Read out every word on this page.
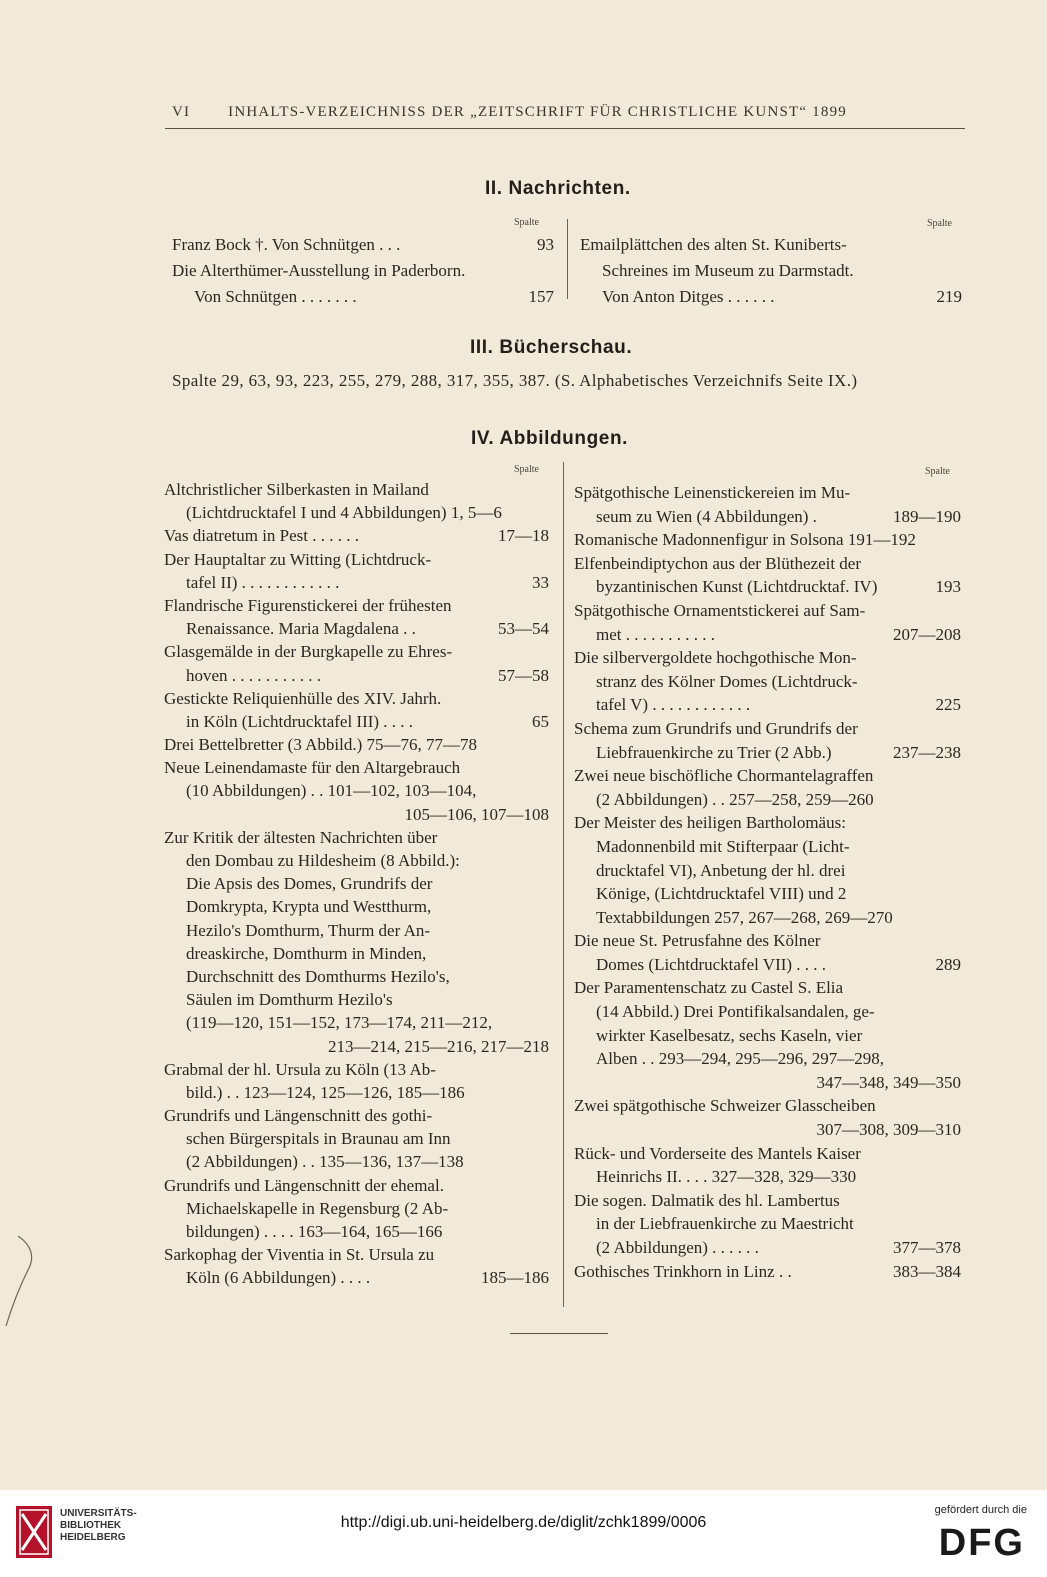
VI	INHALTS-VERZEICHNISS DER „ZEITSCHRIFT FÜR CHRISTLICHE KUNST“ 1899
II. Nachrichten.
Spalte	Spalte
Franz Bock †. Von Schnütgen . . .	93
Die Alterthümer-Ausstellung in Paderborn.
Von Schnütgen . . . . . . .	157
Emailplättchen des alten St. Kuniberts-
Schreines im Museum zu Darmstadt.
Von Anton Ditges . . . . . .	219
III. Bücherschau.
Spalte 29, 63, 93, 223, 255, 279, 288, 317, 355, 387. (S. Alphabetisches Verzeichnifs Seite IX.)
IV. Abbildungen.
Spalte	Spalte
Altchristlicher Silberkasten in Mailand
(Lichtdrucktafel I und 4 Abbildungen) 1, 5—6
Vas diatretum in Pest . . . . . .	17—18
Der Hauptaltar zu Witting (Lichtdruck-
tafel II) . . . . . . . . . . . .	33
Flandrische Figurenstickerei der frühesten
Renaissance. Maria Magdalena . .	53—54
Glasgemälde in der Burgkapelle zu Ehres-
hoven . . . . . . . . . . .	57—58
Gestickte Reliquienhülle des XIV. Jahrh.
in Köln (Lichtdrucktafel III) . . . .	65
Drei Bettelbretter (3 Abbild.) 75—76, 77—78
Neue Leinendamaste für den Altargebrauch
(10 Abbildungen) . . 101—102, 103—104,
105—106, 107—108
Zur Kritik der ältesten Nachrichten über
den Dombau zu Hildesheim (8 Abbild.):
Die Apsis des Domes, Grundrifs der
Domkrypta, Krypta und Westthurm,
Hezilo's Domthurm, Thurm der An-
dreaskirche, Domthurm in Minden,
Durchschnitt des Domthurms Hezilo's,
Säulen im Domthurm Hezilo's
(119—120, 151—152, 173—174, 211—212,
213—214, 215—216, 217—218
Grabmal der hl. Ursula zu Köln (13 Ab-
bild.) . . 123—124, 125—126, 185—186
Grundrifs und Längenschnitt des gothi-
schen Bürgerspitals in Braunau am Inn
(2 Abbildungen) . . 135—136, 137—138
Grundrifs und Längenschnitt der ehemal.
Michaelskapelle in Regensburg (2 Ab-
bildungen) . . . . 163—164, 165—166
Sarkophag der Viventia in St. Ursula zu
Köln (6 Abbildungen) . . . .	185—186
Spätgothische Leinenstickereien im Mu-
seum zu Wien (4 Abbildungen) .	189—190
Romanische Madonnenfigur in Solsona 191—192
Elfenbeindiptychon aus der Blüthezeit der
byzantinischen Kunst (Lichtdrucktaf. IV)	193
Spätgothische Ornamentstickerei auf Sam-
met . . . . . . . . . . .	207—208
Die silbervergoldete hochgothische Mon-
stranz des Kölner Domes (Lichtdruck-
tafel V) . . . . . . . . . . . .	225
Schema zum Grundrifs und Grundrifs der
Liebfrauenkirche zu Trier (2 Abb.)	237—238
Zwei neue bischöfliche Chormantelagraffen
(2 Abbildungen) . . 257—258, 259—260
Der Meister des heiligen Bartholomäus:
Madonnenbild mit Stifterpaar (Licht-
drucktafel VI), Anbetung der hl. drei
Könige, (Lichtdrucktafel VIII) und 2
Textabbildungen 257, 267—268, 269—270
Die neue St. Petrusfahne des Kölner
Domes (Lichtdrucktafel VII) . . . .	289
Der Paramentenschatz zu Castel S. Elia
(14 Abbild.) Drei Pontifikalsandalen, ge-
wirkter Kaselbesatz, sechs Kaseln, vier
Alben . . 293—294, 295—296, 297—298,
347—348, 349—350
Zwei spätgothische Schweizer Glasscheiben
307—308, 309—310
Rück- und Vorderseite des Mantels Kaiser
Heinrichs II. . . . 327—328, 329—330
Die sogen. Dalmatik des hl. Lambertus
in der Liebfrauenkirche zu Maestricht
(2 Abbildungen) . . . . . .	377—378
Gothisches Trinkhorn in Linz . .	383—384
UNIVERSITÄTS-
BIBLIOTHEK
HEIDELBERG
http://digi.ub.uni-heidelberg.de/diglit/zchk1899/0006
gefördert durch die
DFG
